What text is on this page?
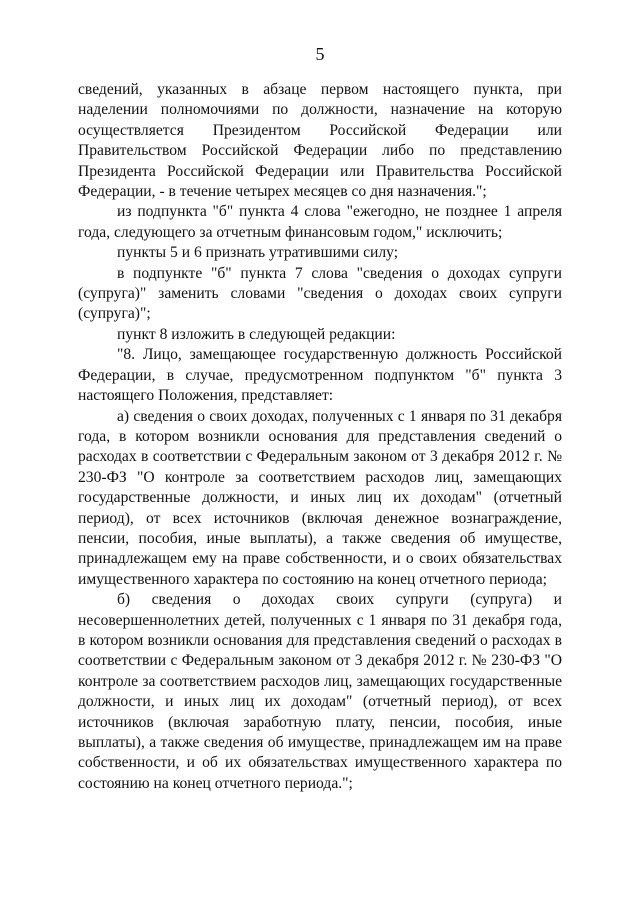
5

сведений, указанных в абзаце первом настоящего пункта, при наделении полномочиями по должности, назначение на которую осуществляется Президентом Российской Федерации или Правительством Российской Федерации либо по представлению Президента Российской Федерации или Правительства Российской Федерации, - в течение четырех месяцев со дня назначения.";

из подпункта "б" пункта 4 слова "ежегодно, не позднее 1 апреля года, следующего за отчетным финансовым годом," исключить;

пункты 5 и 6 признать утратившими силу;

в подпункте "б" пункта 7 слова "сведения о доходах супруги (супруга)" заменить словами "сведения о доходах своих супруги (супруга)";

пункт 8 изложить в следующей редакции:

"8. Лицо, замещающее государственную должность Российской Федерации, в случае, предусмотренном подпунктом "б" пункта 3 настоящего Положения, представляет:

а) сведения о своих доходах, полученных с 1 января по 31 декабря года, в котором возникли основания для представления сведений о расходах в соответствии с Федеральным законом от 3 декабря 2012 г. № 230-ФЗ "О контроле за соответствием расходов лиц, замещающих государственные должности, и иных лиц их доходам" (отчетный период), от всех источников (включая денежное вознаграждение, пенсии, пособия, иные выплаты), а также сведения об имуществе, принадлежащем ему на праве собственности, и о своих обязательствах имущественного характера по состоянию на конец отчетного периода;

б) сведения о доходах своих супруги (супруга) и несовершеннолетних детей, полученных с 1 января по 31 декабря года, в котором возникли основания для представления сведений о расходах в соответствии с Федеральным законом от 3 декабря 2012 г. № 230-ФЗ "О контроле за соответствием расходов лиц, замещающих государственные должности, и иных лиц их доходам" (отчетный период), от всех источников (включая заработную плату, пенсии, пособия, иные выплаты), а также сведения об имуществе, принадлежащем им на праве собственности, и об их обязательствах имущественного характера по состоянию на конец отчетного периода.";
